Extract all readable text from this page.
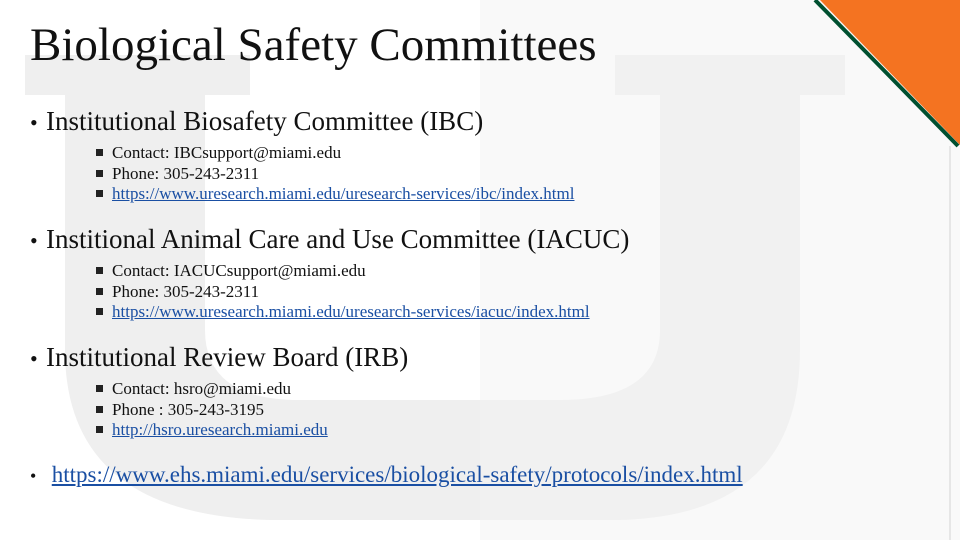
Biological Safety Committees
• Institutional Biosafety Committee (IBC)
Contact: IBCsupport@miami.edu
Phone: 305-243-2311
https://www.uresearch.miami.edu/uresearch-services/ibc/index.html
• Institional Animal Care and Use Committee (IACUC)
Contact: IACUCsupport@miami.edu
Phone: 305-243-2311
https://www.uresearch.miami.edu/uresearch-services/iacuc/index.html
• Institutional Review Board (IRB)
Contact: hsro@miami.edu
Phone : 305-243-3195
http://hsro.uresearch.miami.edu
• https://www.ehs.miami.edu/services/biological-safety/protocols/index.html
